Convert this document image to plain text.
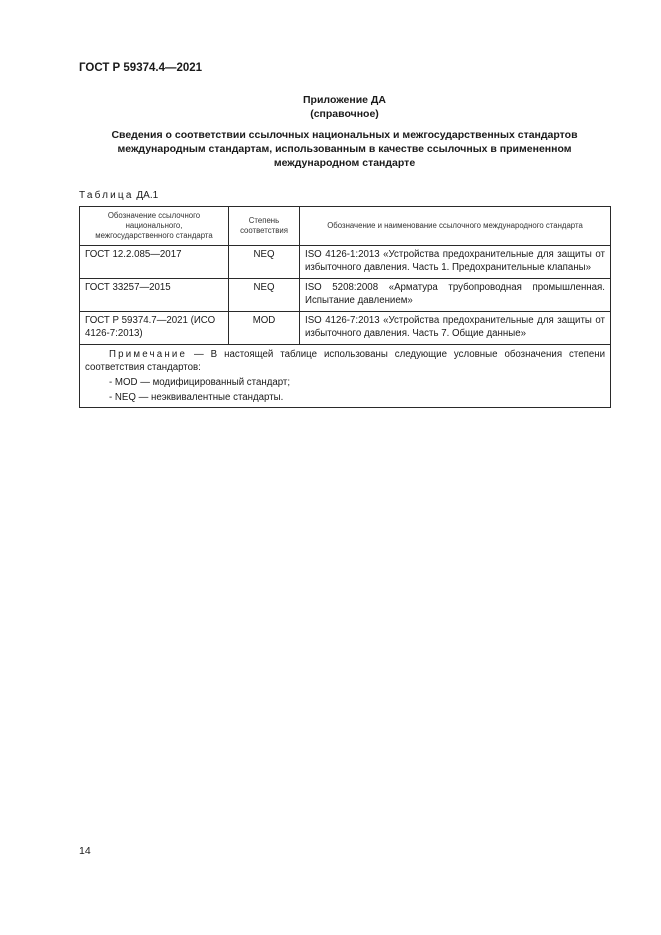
ГОСТ Р 59374.4—2021
Приложение ДА
(справочное)
Сведения о соответствии ссылочных национальных и межгосударственных стандартов международным стандартам, использованным в качестве ссылочных в примененном международном стандарте
Таблица ДА.1
Обозначение ссылочного национального, межгосударственного стандарта	Степень соответствия	Обозначение и наименование ссылочного международного стандарта
ГОСТ 12.2.085—2017	NEQ	ISO 4126-1:2013 «Устройства предохранительные для защиты от избыточного давления. Часть 1. Предохранительные клапаны»
ГОСТ 33257—2015	NEQ	ISO 5208:2008 «Арматура трубопроводная промышленная. Испытание давлением»
ГОСТ Р 59374.7—2021 (ИСО 4126-7:2013)	MOD	ISO 4126-7:2013 «Устройства предохранительные для защиты от избыточного давления. Часть 7. Общие данные»

Примечание — В настоящей таблице использованы следующие условные обозначения степени соответствия стандартов:
- MOD — модифицированный стандарт;
- NEQ — неэквивалентные стандарты.		
14
